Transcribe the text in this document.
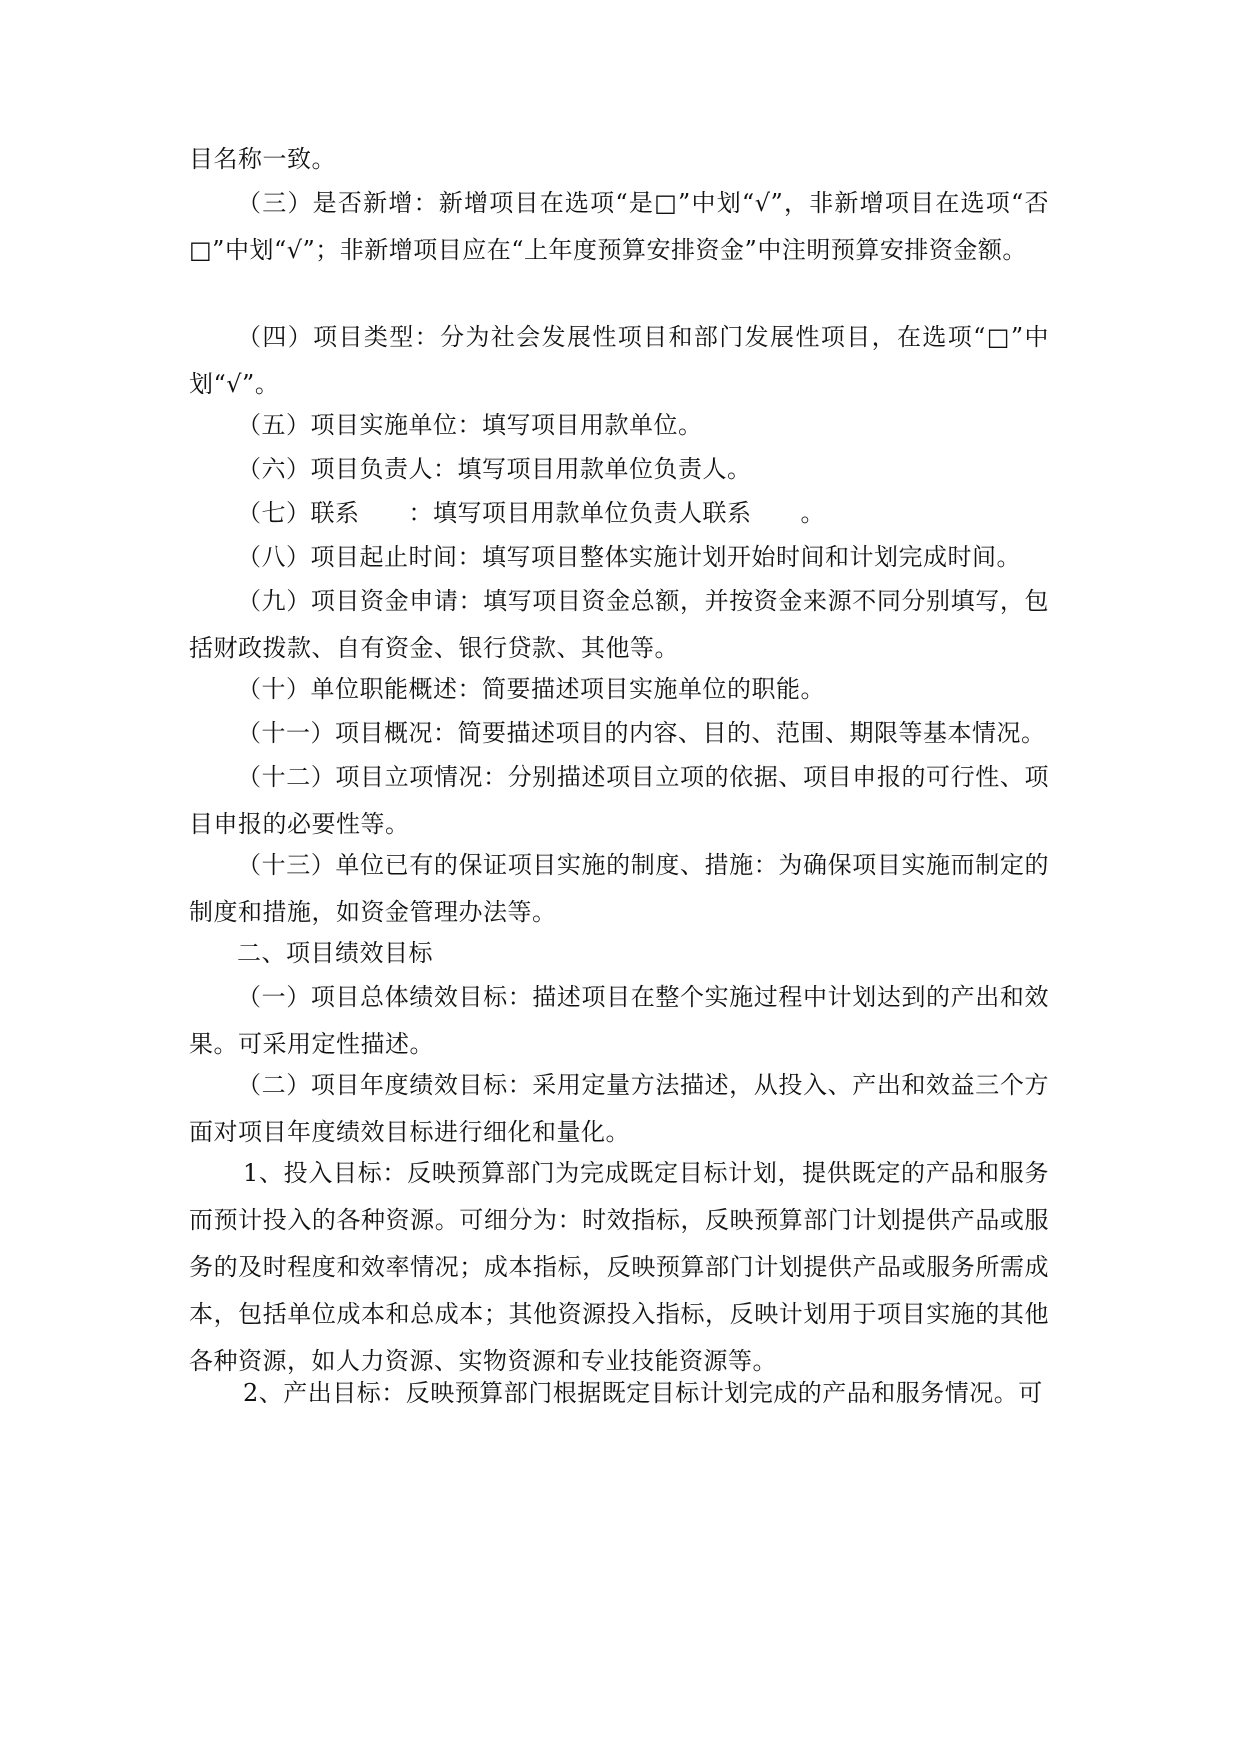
目名称一致。

（三）是否新增：新增项目在选项“是□”中划“√”，非新增项目在选项“否□”中划“√”；非新增项目应在“上年度预算安排资金”中注明预算安排资金额。

（四）项目类型：分为社会发展性项目和部门发展性项目，在选项“□”中划“√”。

（五）项目实施单位：填写项目用款单位。

（六）项目负责人：填写项目用款单位负责人。

（七）联系　　：填写项目用款单位负责人联系　　。

（八）项目起止时间：填写项目整体实施计划开始时间和计划完成时间。

（九）项目资金申请：填写项目资金总额，并按资金来源不同分别填写，包括财政拨款、自有资金、银行贷款、其他等。

（十）单位职能概述：简要描述项目实施单位的职能。

（十一）项目概况：简要描述项目的内容、目的、范围、期限等基本情况。

（十二）项目立项情况：分别描述项目立项的依据、项目申报的可行性、项目申报的必要性等。

（十三）单位已有的保证项目实施的制度、措施：为确保项目实施而制定的制度和措施，如资金管理办法等。

二、项目绩效目标

（一）项目总体绩效目标：描述项目在整个实施过程中计划达到的产出和效果。可采用定性描述。

（二）项目年度绩效目标：采用定量方法描述，从投入、产出和效益三个方面对项目年度绩效目标进行细化和量化。

1、投入目标：反映预算部门为完成既定目标计划，提供既定的产品和服务而预计投入的各种资源。可细分为：时效指标，反映预算部门计划提供产品或服务的及时程度和效率情况；成本指标，反映预算部门计划提供产品或服务所需成本，包括单位成本和总成本；其他资源投入指标，反映计划用于项目实施的其他各种资源，如人力资源、实物资源和专业技能资源等。

2、产出目标：反映预算部门根据既定目标计划完成的产品和服务情况。可
